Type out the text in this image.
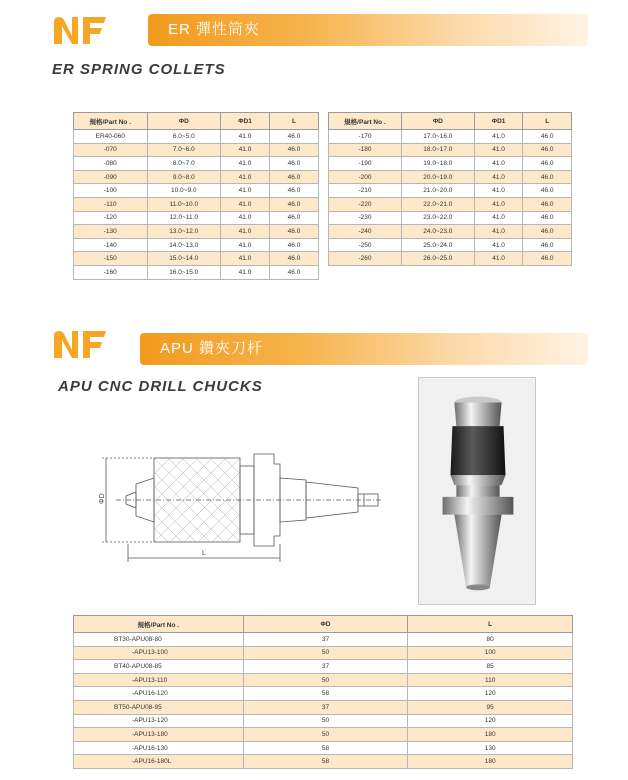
ER 彈性筒夾
ER SPRING COLLETS
規格/Part No .	ΦD	ΦD1	L
ER40-060	6.0~5.0	41.0	46.0
-070	7.0~6.0	41.0	46.0
-080	8.0~7.0	41.0	46.0
-090	9.0~8.0	41.0	46.0
-100	10.0~9.0	41.0	46.0
-110	11.0~10.0	41.0	46.0
-120	12.0~11.0	41.0	46.0
-130	13.0~12.0	41.0	46.0
-140	14.0~13.0	41.0	46.0
-150	15.0~14.0	41.0	46.0
-160	16.0~15.0	41.0	46.0
規格/Part No .	ΦD	ΦD1	L
-170	17.0~16.0	41.0	46.0
-180	18.0~17.0	41.0	46.0
-190	19.0~18.0	41.0	46.0
-200	20.0~19.0	41.0	46.0
-210	21.0~20.0	41.0	46.0
-220	22.0~21.0	41.0	46.0
-230	23.0~22.0	41.0	46.0
-240	24.0~23.0	41.0	46.0
-250	25.0~24.0	41.0	46.0
-260	26.0~25.0	41.0	46.0
APU 鑽夾刀杆
APU CNC DRILL CHUCKS
ΦD
L
規格/Part No .	ΦD	L
BT30-APU08-80	37	80
-APU13-100	50	100
BT40-APU08-85	37	85
-APU13-110	50	110
-APU16-120	58	120
BT50-APU08-95	37	95
-APU13-120	50	120
-APU13-180	50	180
-APU16-130	58	130
-APU16-180L	58	180
